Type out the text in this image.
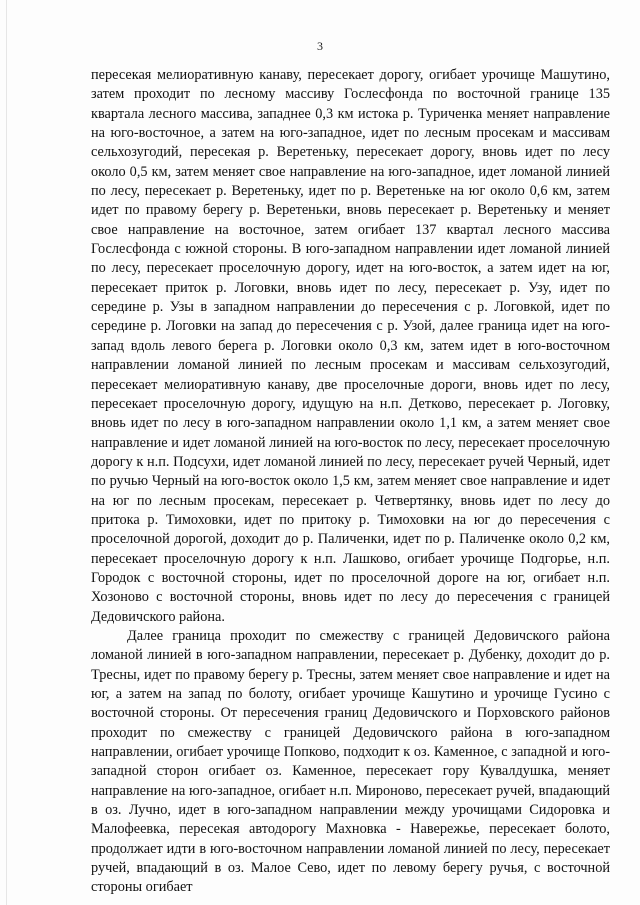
3

пересекая мелиоративную канаву, пересекает дорогу, огибает урочище Машутино, затем проходит по лесному массиву Гослесфонда по восточной границе 135 квартала лесного массива, западнее 0,3 км истока р. Туриченка меняет направление на юго-восточное, а затем на юго-западное, идет по лесным просекам и массивам сельхозугодий, пересекая р. Веретеньку, пересекает дорогу, вновь идет по лесу около 0,5 км, затем меняет свое направление на юго-западное, идет ломаной линией по лесу, пересекает р. Веретеньку, идет по р. Веретеньке на юг около 0,6 км, затем идет по правому берегу р. Веретеньки, вновь пересекает р. Веретеньку и меняет свое направление на восточное, затем огибает 137 квартал лесного массива Гослесфонда с южной стороны. В юго-западном направлении идет ломаной линией по лесу, пересекает проселочную дорогу, идет на юго-восток, а затем идет на юг, пересекает приток р. Логовки, вновь идет по лесу, пересекает р. Узу, идет по середине р. Узы в западном направлении до пересечения с р. Логовкой, идет по середине р. Логовки на запад до пересечения с р. Узой, далее граница идет на юго-запад вдоль левого берега р. Логовки около 0,3 км, затем идет в юго-восточном направлении ломаной линией по лесным просекам и массивам сельхозугодий, пересекает мелиоративную канаву, две проселочные дороги, вновь идет по лесу, пересекает проселочную дорогу, идущую на н.п. Детково, пересекает р. Логовку, вновь идет по лесу в юго-западном направлении около 1,1 км, а затем меняет свое направление и идет ломаной линией на юго-восток по лесу, пересекает проселочную дорогу к н.п. Подсухи, идет ломаной линией по лесу, пересекает ручей Черный, идет по ручью Черный на юго-восток около 1,5 км, затем меняет свое направление и идет на юг по лесным просекам, пересекает р. Четвертянку, вновь идет по лесу до притока р. Тимоховки, идет по притоку р. Тимоховки на юг до пересечения с проселочной дорогой, доходит до р. Паличенки, идет по р. Паличенке около 0,2 км, пересекает проселочную дорогу к н.п. Лашково, огибает урочище Подгорье, н.п. Городок с восточной стороны, идет по проселочной дороге на юг, огибает н.п. Хозоново с восточной стороны, вновь идет по лесу до пересечения с границей Дедовичского района.

Далее граница проходит по смежеству с границей Дедовичского района ломаной линией в юго-западном направлении, пересекает р. Дубенку, доходит до р. Тресны, идет по правому берегу р. Тресны, затем меняет свое направление и идет на юг, а затем на запад по болоту, огибает урочище Кашутино и урочище Гусино с восточной стороны. От пересечения границ Дедовичского и Порховского районов проходит по смежеству с границей Дедовичского района в юго-западном направлении, огибает урочище Попково, подходит к оз. Каменное, с западной и юго-западной сторон огибает оз. Каменное, пересекает гору Кувалдушка, меняет направление на юго-западное, огибает н.п. Мироново, пересекает ручей, впадающий в оз. Лучно, идет в юго-западном направлении между урочищами Сидоровка и Малофеевка, пересекая автодорогу Махновка - Навережье, пересекает болото, продолжает идти в юго-восточном направлении ломаной линией по лесу, пересекает ручей, впадающий в оз. Малое Сево, идет по левому берегу ручья, с восточной стороны огибает
